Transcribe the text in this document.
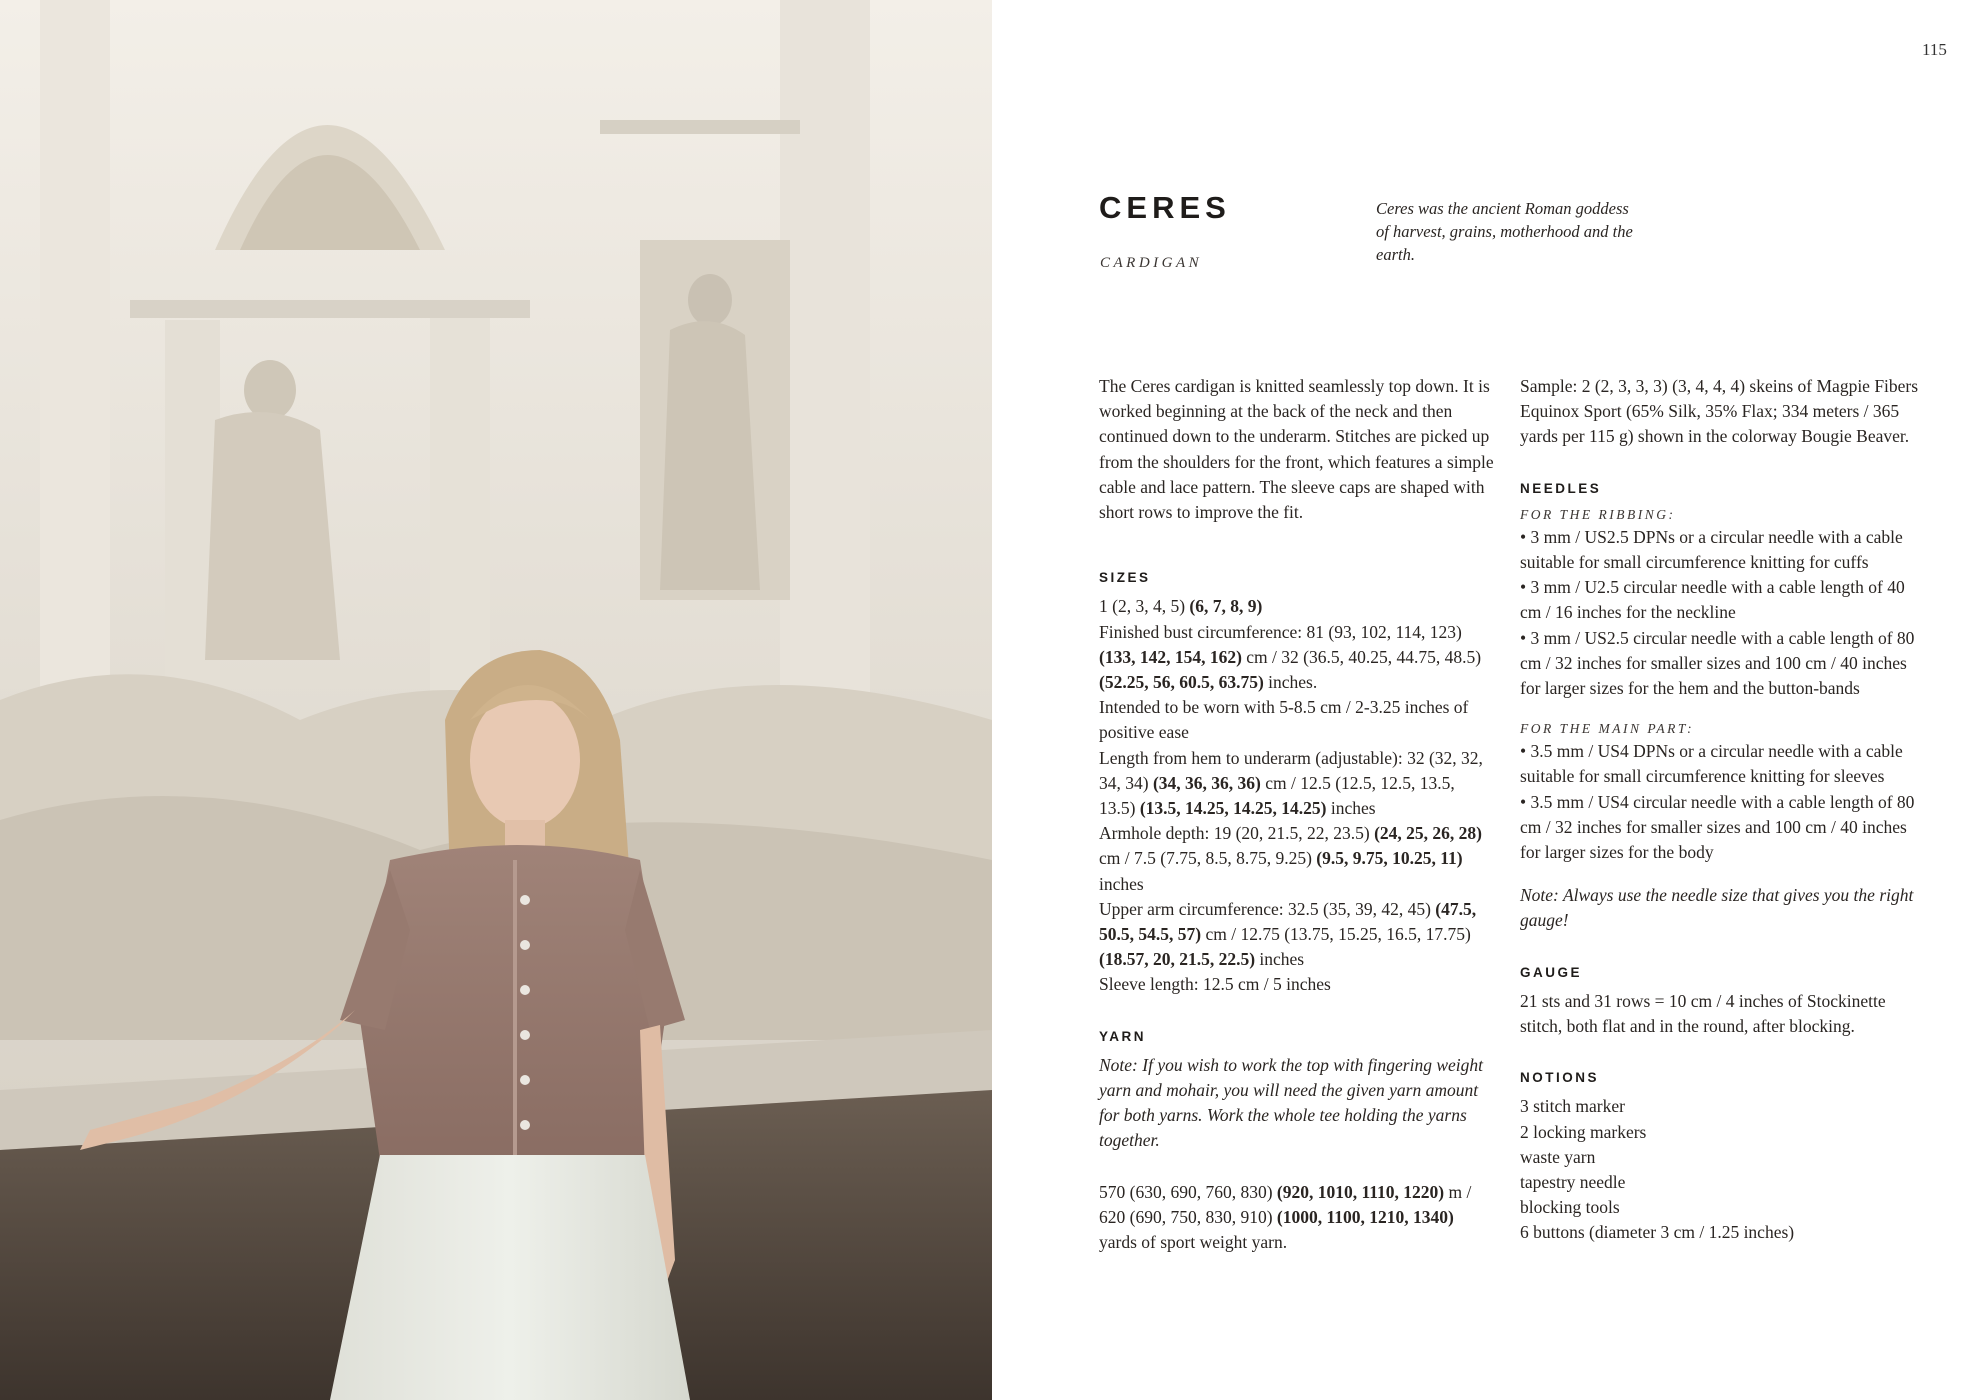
115
CERES
CARDIGAN
Ceres was the ancient Roman goddess of harvest, grains, motherhood and the earth.

The Ceres cardigan is knitted seamlessly top down. It is worked beginning at the back of the neck and then continued down to the underarm. Stitches are picked up from the shoulders for the front, which features a simple cable and lace pattern. The sleeve caps are shaped with short rows to improve the fit.

SIZES

1 (2, 3, 4, 5) (6, 7, 8, 9)

Finished bust circumference: 81 (93, 102, 114, 123) (133, 142, 154, 162) cm / 32 (36.5, 40.25, 44.75, 48.5) (52.25, 56, 60.5, 63.75) inches.

Intended to be worn with 5-8.5 cm / 2-3.25 inches of positive ease

Length from hem to underarm (adjustable): 32 (32, 32, 34, 34) (34, 36, 36, 36) cm / 12.5 (12.5, 12.5, 13.5, 13.5) (13.5, 14.25, 14.25, 14.25) inches

Armhole depth: 19 (20, 21.5, 22, 23.5) (24, 25, 26, 28) cm / 7.5 (7.75, 8.5, 8.75, 9.25) (9.5, 9.75, 10.25, 11) inches

Upper arm circumference: 32.5 (35, 39, 42, 45) (47.5, 50.5, 54.5, 57) cm / 12.75 (13.75, 15.25, 16.5, 17.75) (18.57, 20, 21.5, 22.5) inches

Sleeve length: 12.5 cm / 5 inches

YARN

Note: If you wish to work the top with fingering weight yarn and mohair, you will need the given yarn amount for both yarns. Work the whole tee holding the yarns together.

570 (630, 690, 760, 830) (920, 1010, 1110, 1220) m / 620 (690, 750, 830, 910) (1000, 1100, 1210, 1340) yards of sport weight yarn.

Sample: 2 (2, 3, 3, 3) (3, 4, 4, 4) skeins of Magpie Fibers Equinox Sport (65% Silk, 35% Flax; 334 meters / 365 yards per 115 g) shown in the colorway Bougie Beaver.

NEEDLES
FOR THE RIBBING:
• 3 mm / US2.5 DPNs or a circular needle with a cable suitable for small circumference knitting for cuffs
• 3 mm / U2.5 circular needle with a cable length of 40 cm / 16 inches for the neckline
• 3 mm / US2.5 circular needle with a cable length of 80 cm / 32 inches for smaller sizes and 100 cm / 40 inches for larger sizes for the hem and the button-bands
FOR THE MAIN PART:
• 3.5 mm / US4 DPNs or a circular needle with a cable suitable for small circumference knitting for sleeves
• 3.5 mm / US4 circular needle with a cable length of 80 cm / 32 inches for smaller sizes and 100 cm / 40 inches for larger sizes for the body

Note: Always use the needle size that gives you the right gauge!

GAUGE

21 sts and 31 rows = 10 cm / 4 inches of Stockinette stitch, both flat and in the round, after blocking.

NOTIONS

3 stitch marker

2 locking markers

waste yarn

tapestry needle

blocking tools

6 buttons (diameter 3 cm / 1.25 inches)
